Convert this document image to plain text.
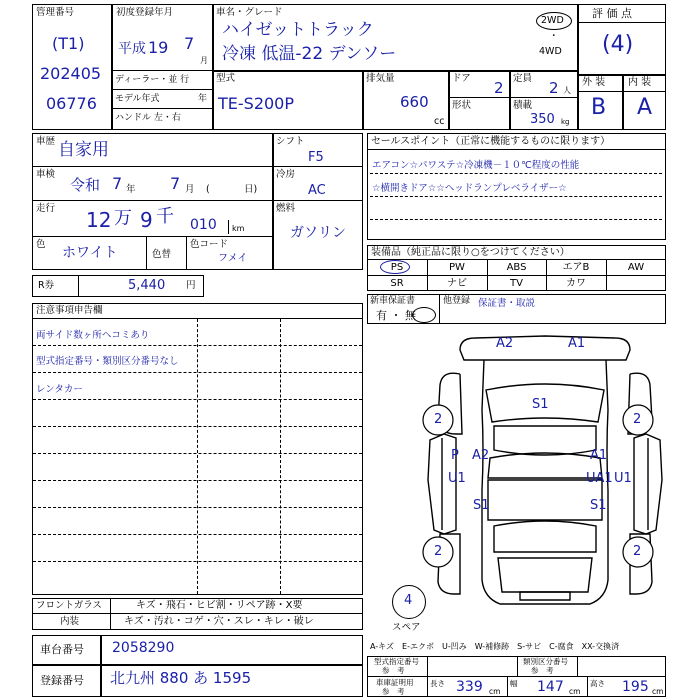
管理番号
(T1)
202405
06776
初度登録年月
平成 19 7
月
車名・グレード
ハイゼットトラック
冷凍 低温-22 デンソー
2WD
・
4WD
評 価 点
(4)
外 装 内 装
B A
ディーラー・並 行
モデル年式	年
ハンドル 左・右
型式
TE-S200P
排気量
660
cc
ドア
2
定員
2 人
形状	積載
350 kg
車歴 自家用
車検
令和 7 年 7 月 (	日)
走行 12 万 9 千 010 km
色
ホワイト	色替
色コード
フメイ
シフト
F5
冷房
AC
燃料
ガソリン
R券	5,440 円
セールスポイント（正常に機能するものに限ります）
エアコン☆パワステ☆冷凍機－１０℃程度の性能
☆横開きドア☆☆ヘッドランプレベライザー☆
装備品（純正品に限り○をつけてください）
PS	PW	ABS	エアB	AW
SR	ナビ	TV	カワ
新車保証書
有 ・ 無
他登録 保証書・取説
注意事項申告欄
両サイド数ヶ所ヘコミあり
型式指定番号・類別区分番号なし
レンタカー
A2	A1
S1
2	2
P A2	A1
U1	UA1 U1
S1	S1
2	2
4
スペア
フロントガラス	キズ・飛石・ヒビ割・リペア跡・X要
内装	キズ・汚れ・コゲ・穴・スレ・キレ・破レ
車台番号 2058290
登録番号 北九州 880 あ 1595
A-キズ　E-エクボ　U-凹み　W-補修跡　S-サビ　C-腐食　XX-交換済
型式指定番号
参　考
類別区分番号
参　考
車庫証明用
参　考
長さ 339 cm
幅 147 cm
高さ 195 cm
